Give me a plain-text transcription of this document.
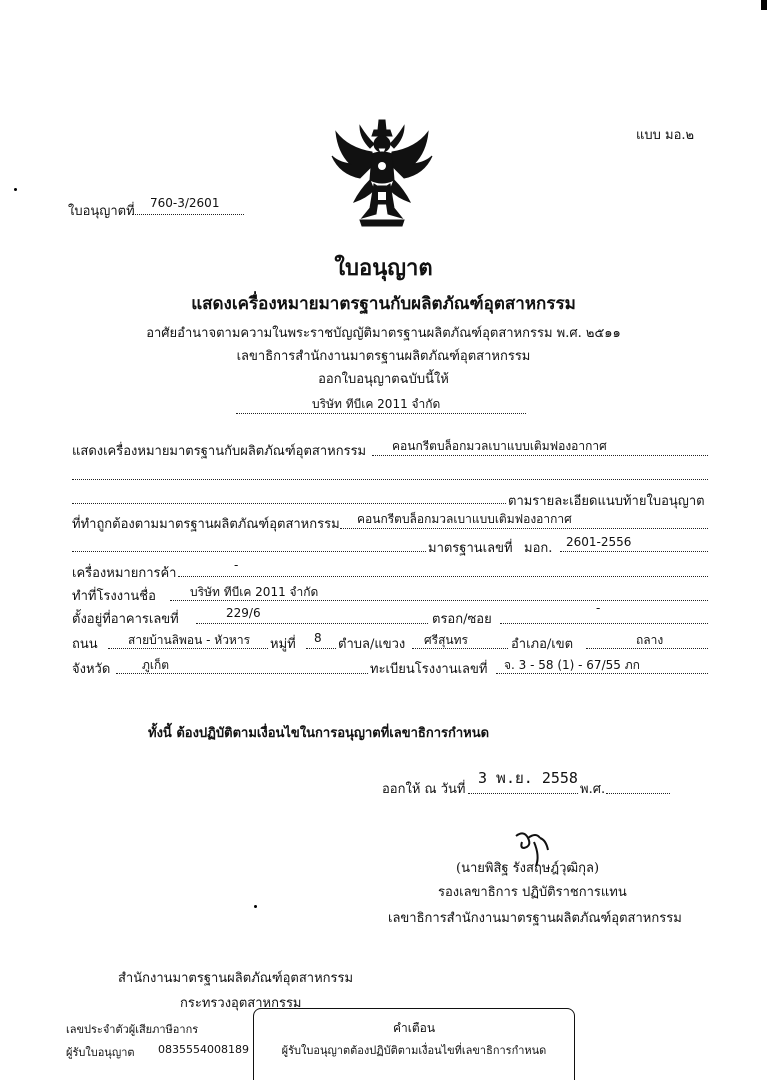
แบบ มอ.๒
ใบอนุญาตที่
760-3/2601
ใบอนุญาต
แสดงเครื่องหมายมาตรฐานกับผลิตภัณฑ์อุตสาหกรรม
อาศัยอำนาจตามความในพระราชบัญญัติมาตรฐานผลิตภัณฑ์อุตสาหกรรม พ.ศ. ๒๕๑๑
เลขาธิการสำนักงานมาตรฐานผลิตภัณฑ์อุตสาหกรรม
ออกใบอนุญาตฉบับนี้ให้
บริษัท ทีบีเค 2011 จำกัด
แสดงเครื่องหมายมาตรฐานกับผลิตภัณฑ์อุตสาหกรรม คอนกรีตบล็อกมวลเบาแบบเติมฟองอากาศ
ตามรายละเอียดแนบท้ายใบอนุญาต
ที่ทำถูกต้องตามมาตรฐานผลิตภัณฑ์อุตสาหกรรม คอนกรีตบล็อกมวลเบาแบบเติมฟองอากาศ
มาตรฐานเลขที่ มอก. 2601-2556
เครื่องหมายการค้า
-
ทำที่โรงงานชื่อ	บริษัท ทีบีเค 2011 จำกัด
ตั้งอยู่ที่อาคารเลขที่	229/6	ตรอก/ซอย
-
ถนน	สายบ้านลิพอน - หัวหาร หมู่ที่ 8 ตำบล/แขวง ศรีสุนทร	อำเภอ/เขต	ถลาง
จังหวัด	ภูเก็ต	ทะเบียนโรงงานเลขที่ จ. 3 - 58 (1) - 67/55 ภก
ทั้งนี้ ต้องปฏิบัติตามเงื่อนไขในการอนุญาตที่เลขาธิการกำหนด
ออกให้ ณ วันที่
3 พ.ย. 2558
พ.ศ.
(นายพิสิฐ รังสฤษฎ์วุฒิกุล)
รองเลขาธิการ ปฏิบัติราชการแทน
เลขาธิการสำนักงานมาตรฐานผลิตภัณฑ์อุตสาหกรรม
สำนักงานมาตรฐานผลิตภัณฑ์อุตสาหกรรม
กระทรวงอุตสาหกรรม
เลขประจำตัวผู้เสียภาษีอากร
ผู้รับใบอนุญาต 0835554008189
คำเตือน
ผู้รับใบอนุญาตต้องปฏิบัติตามเงื่อนไขที่เลขาธิการกำหนด
